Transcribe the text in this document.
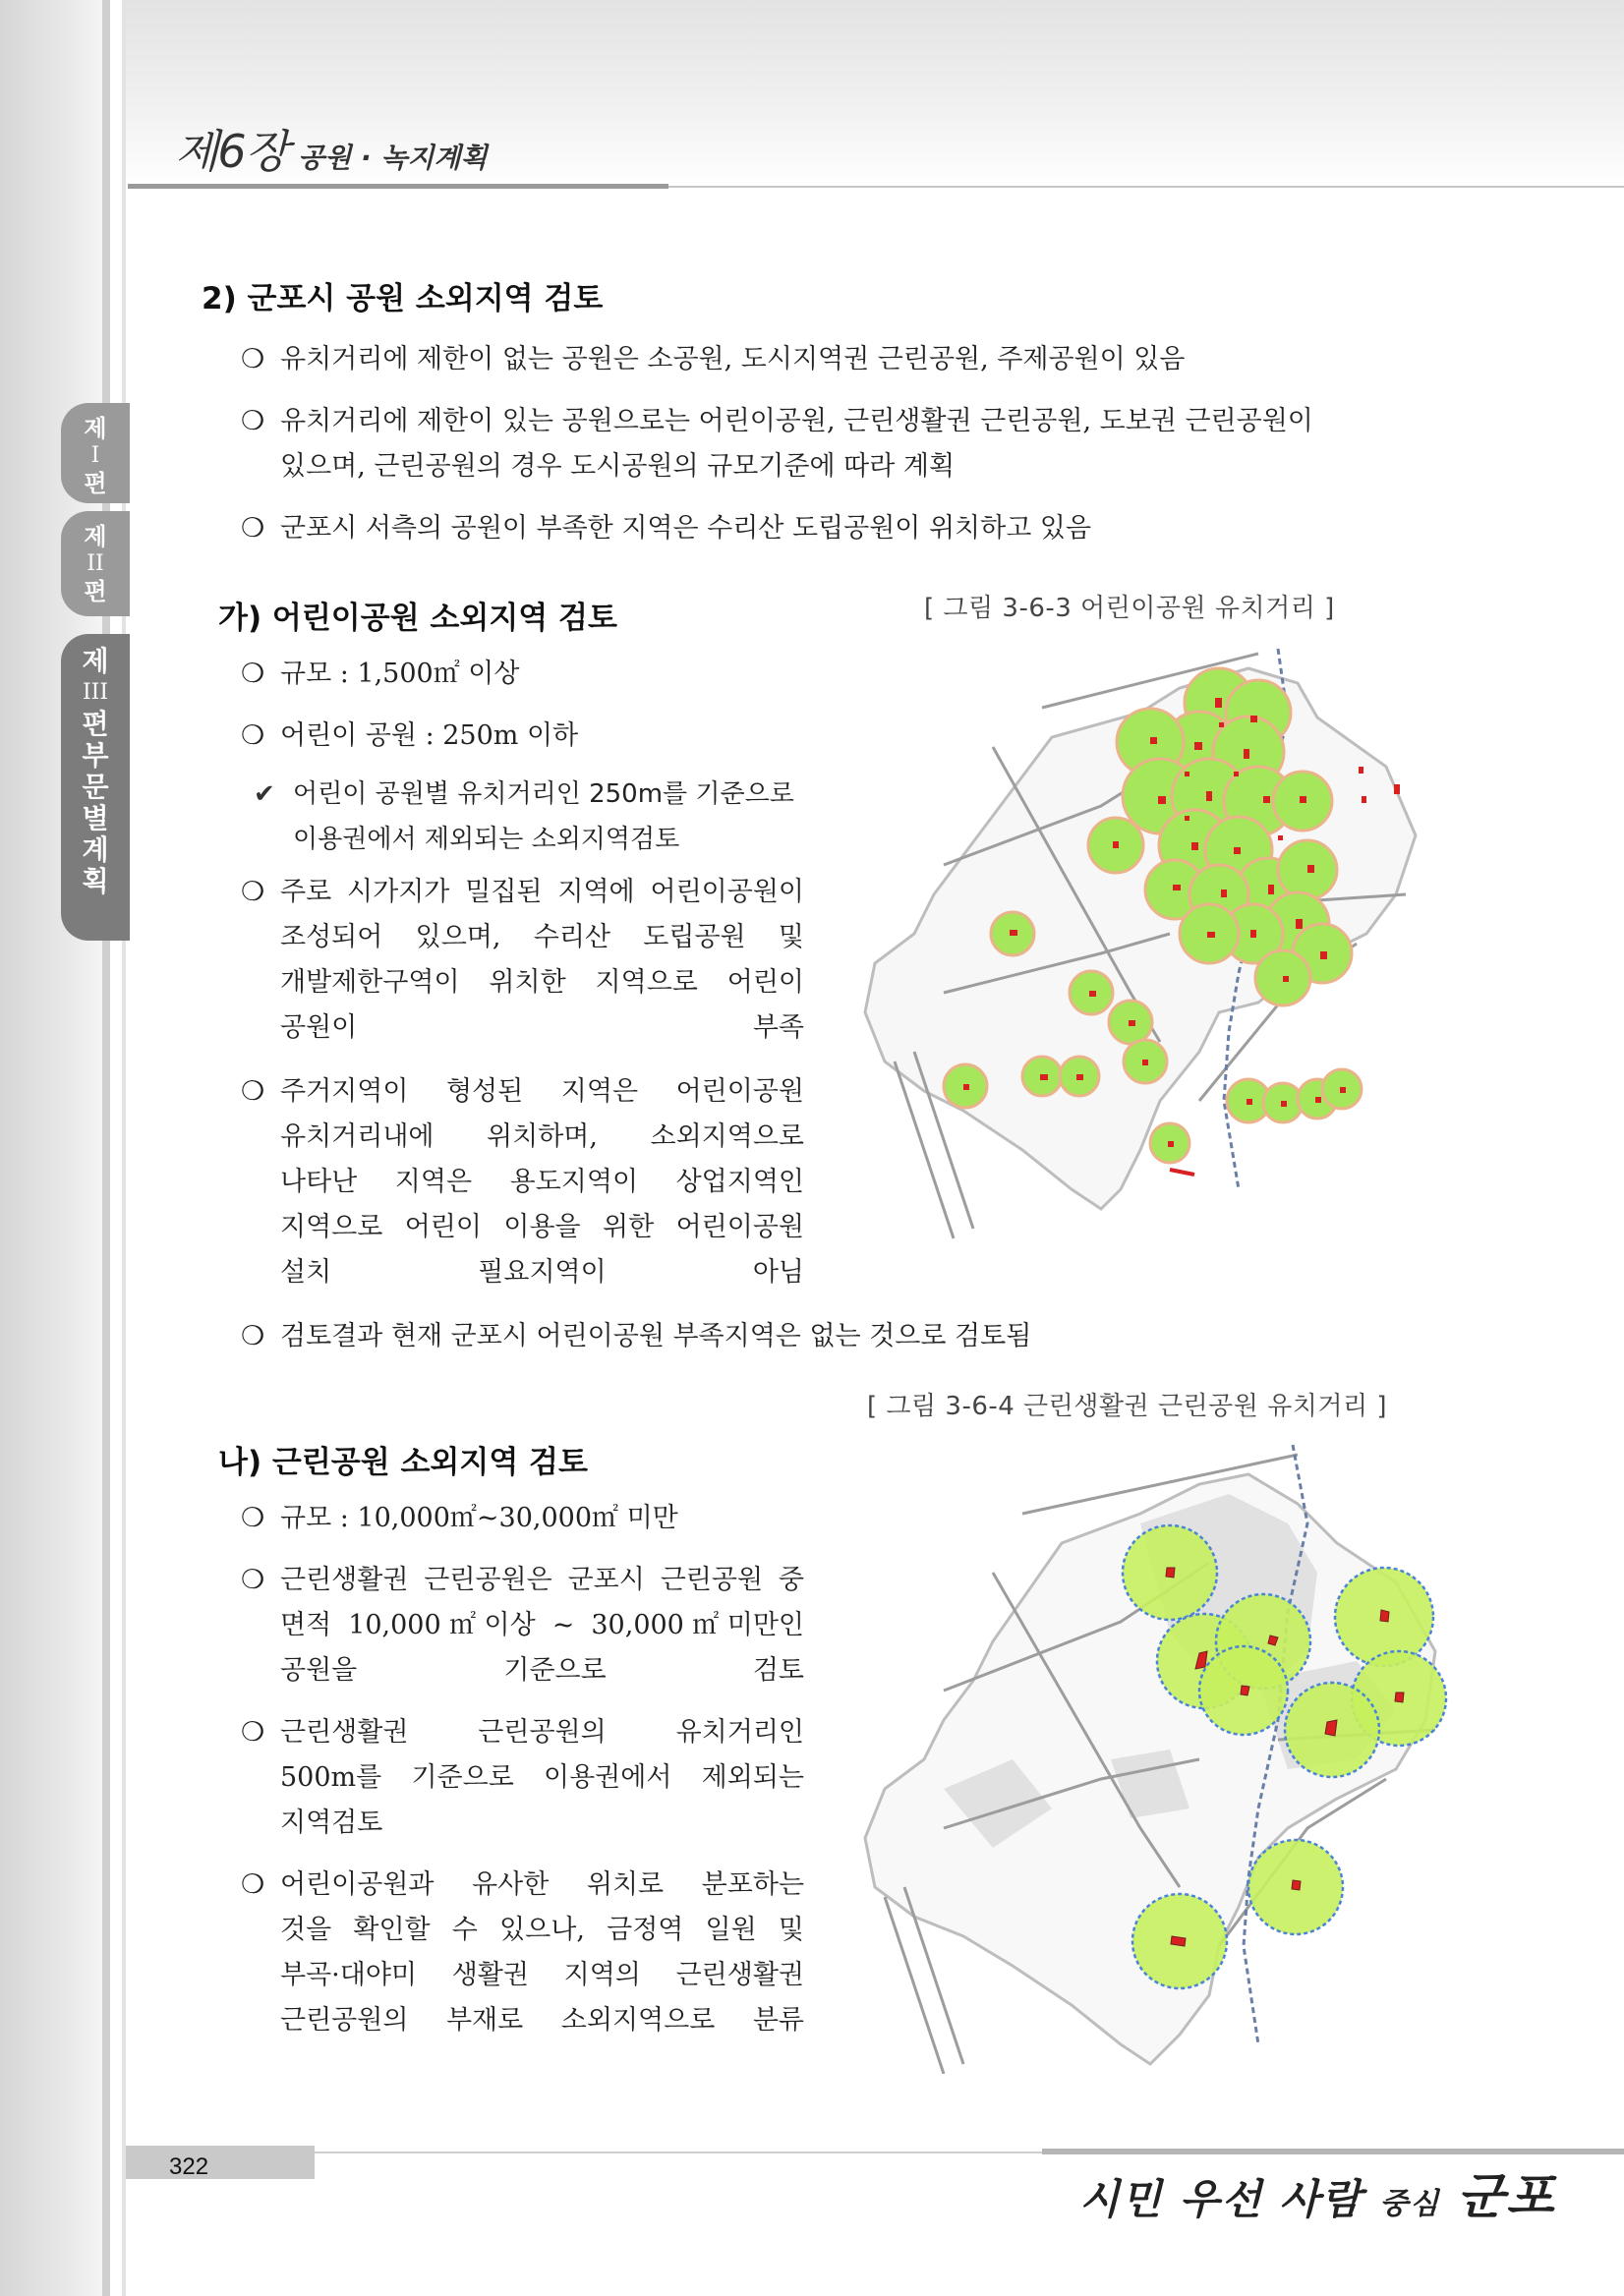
제6장 공원 · 녹지계획
제
I
편
제
II
편
제
III
편
부
문
별
계
획
2) 군포시 공원 소외지역 검토
❍ 유치거리에 제한이 없는 공원은 소공원, 도시지역권 근린공원, 주제공원이 있음
❍ 유치거리에 제한이 있는 공원으로는 어린이공원, 근린생활권 근린공원, 도보권 근린공원이
있으며, 근린공원의 경우 도시공원의 규모기준에 따라 계획
❍ 군포시 서측의 공원이 부족한 지역은 수리산 도립공원이 위치하고 있음
가) 어린이공원 소외지역 검토	[ 그림 3-6-3 어린이공원 유치거리 ]
❍ 규모 : 1,500㎡ 이상
❍ 어린이 공원 : 250m 이하
✔ 어린이 공원별 유치거리인 250m를 기준으로
이용권에서 제외되는 소외지역검토
❍ 주로 시가지가 밀집된 지역에 어린이공원이
조성되어 있으며, 수리산 도립공원 및
개발제한구역이 위치한 지역으로 어린이
공원이 부족
❍ 주거지역이 형성된 지역은 어린이공원
유치거리내에 위치하며, 소외지역으로
나타난 지역은 용도지역이 상업지역인
지역으로 어린이 이용을 위한 어린이공원
설치 필요지역이 아님
❍ 검토결과 현재 군포시 어린이공원 부족지역은 없는 것으로 검토됨
[ 그림 3-6-4 근린생활권 근린공원 유치거리 ]
나) 근린공원 소외지역 검토
❍ 규모 : 10,000㎡~30,000㎡ 미만
❍ 근린생활권 근린공원은 군포시 근린공원 중
면적 10,000㎡이상 ~ 30,000㎡미만인
공원을 기준으로 검토
❍ 근린생활권 근린공원의 유치거리인
500m를 기준으로 이용권에서 제외되는
지역검토
❍ 어린이공원과 유사한 위치로 분포하는
것을 확인할 수 있으나, 금정역 일원 및
부곡·대야미 생활권 지역의 근린생활권
근린공원의 부재로 소외지역으로 분류
322
시민 우선 사람 중심 군포
